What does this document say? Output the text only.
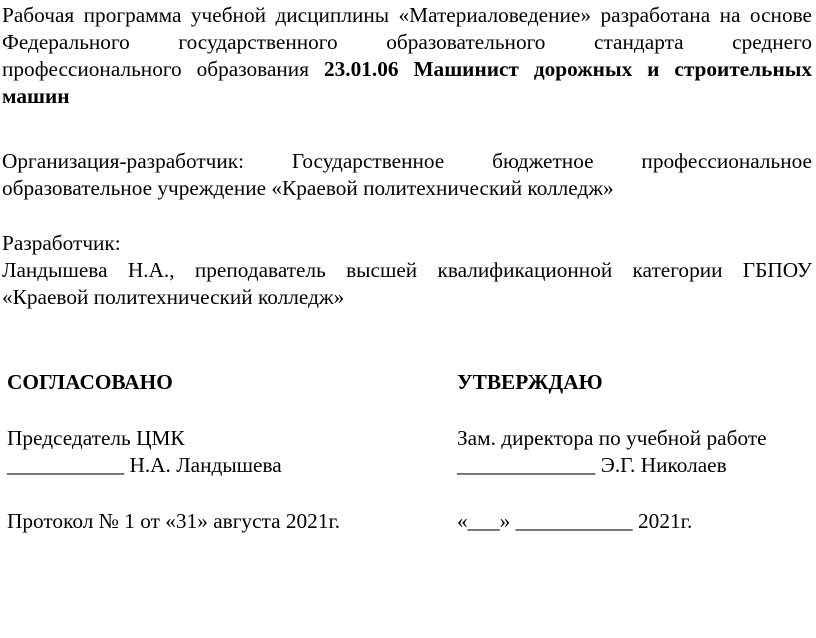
Рабочая программа учебной дисциплины «Материаловедение» разработана на основе Федерального государственного образовательного стандарта среднего профессионального образования 23.01.06 Машинист дорожных и строительных машин

Организация-разработчик: Государственное бюджетное профессиональное образовательное учреждение «Краевой политехнический колледж»

Разработчик:
Ландышева Н.А., преподаватель высшей квалификационной категории ГБПОУ «Краевой политехнический колледж»

СОГЛАСОВАНО
Председатель ЦМК
___________ Н.А. Ландышева
Протокол № 1 от «31» августа 2021г.
УТВЕРЖДАЮ
Зам. директора по учебной работе
_____________ Э.Г. Николаев
«___» ___________ 2021г.
